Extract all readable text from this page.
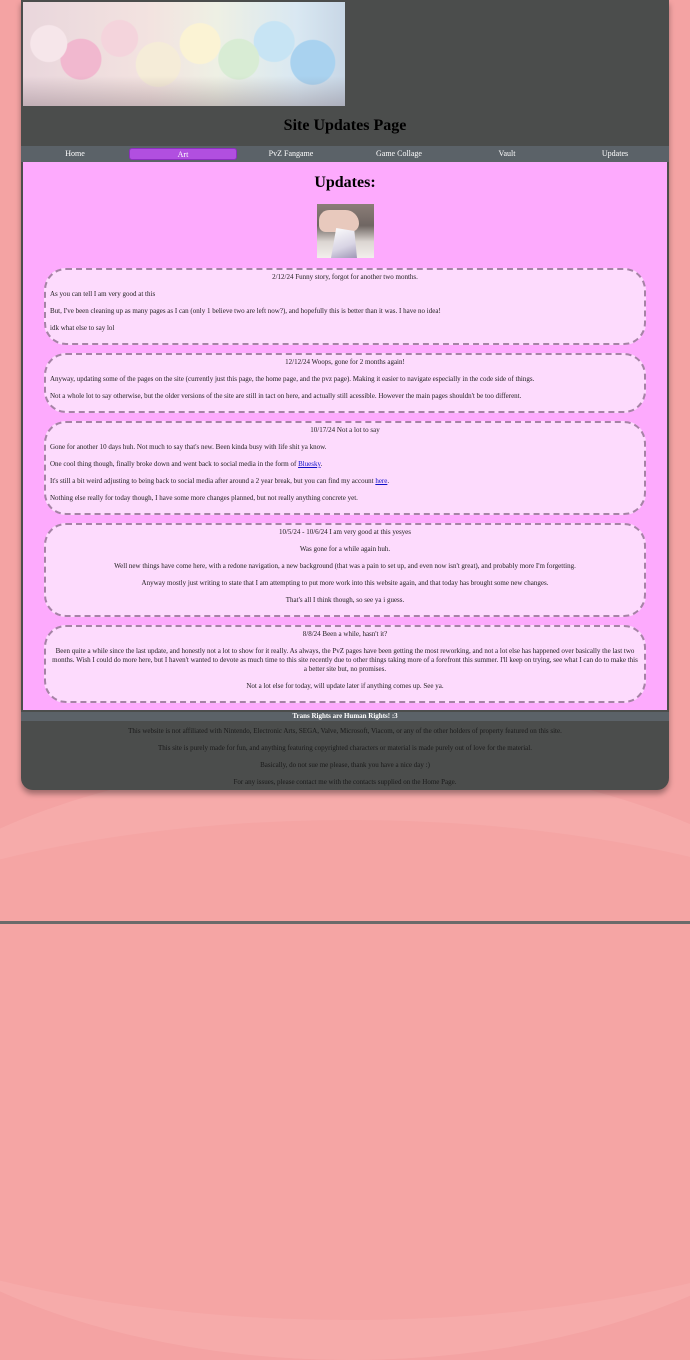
Site Updates Page
Home	Art	PvZ Fangame	Game Collage	Vault	Updates
Updates:

2/12/24 Funny story, forgot for another two months.

As you can tell I am very good at this

But, I've been cleaning up as many pages as I can (only 1 believe two are left now?), and hopefully this is better than it was. I have no idea!

idk what else to say lol

12/12/24 Woops, gone for 2 months again!

Anyway, updating some of the pages on the site (currently just this page, the home page, and the pvz page). Making it easier to navigate especially in the code side of things.

Not a whole lot to say otherwise, but the older versions of the site are still in tact on here, and actually still acessible. However the main pages shouldn't be too different.

10/17/24 Not a lot to say

Gone for another 10 days huh. Not much to say that's new. Been kinda busy with life shit ya know.

One cool thing though, finally broke down and went back to social media in the form of Bluesky.

It's still a bit weird adjusting to being back to social media after around a 2 year break, but you can find my account here.

Nothing else really for today though, I have some more changes planned, but not really anything concrete yet.

10/5/24 - 10/6/24 I am very good at this yesyes

Was gone for a while again huh.

Well new things have come here, with a redone navigation, a new background (that was a pain to set up, and even now isn't great), and probably more I'm forgetting.

Anyway mostly just writing to state that I am attempting to put more work into this website again, and that today has brought some new changes.

That's all I think though, so see ya i guess.

8/8/24 Been a while, hasn't it?

Been quite a while since the last update, and honestly not a lot to show for it really. As always, the PvZ pages have been getting the most reworking, and not a lot else has happened over basically the last two months. Wish I could do more here, but I haven't wanted to devote as much time to this site recently due to other things taking more of a forefront this summer. I'll keep on trying, see what I can do to make this a better site but, no promises.

Not a lot else for today, will update later if anything comes up. See ya.

Trans Rights are Human Rights! :3

This website is not affiliated with Nintendo, Electronic Arts, SEGA, Valve, Microsoft, Viacom, or any of the other holders of property featured on this site.

This site is purely made for fun, and anything featuring copyrighted characters or material is made purely out of love for the material.

Basically, do not sue me please, thank you have a nice day :)

For any issues, please contact me with the contacts supplied on the Home Page.
